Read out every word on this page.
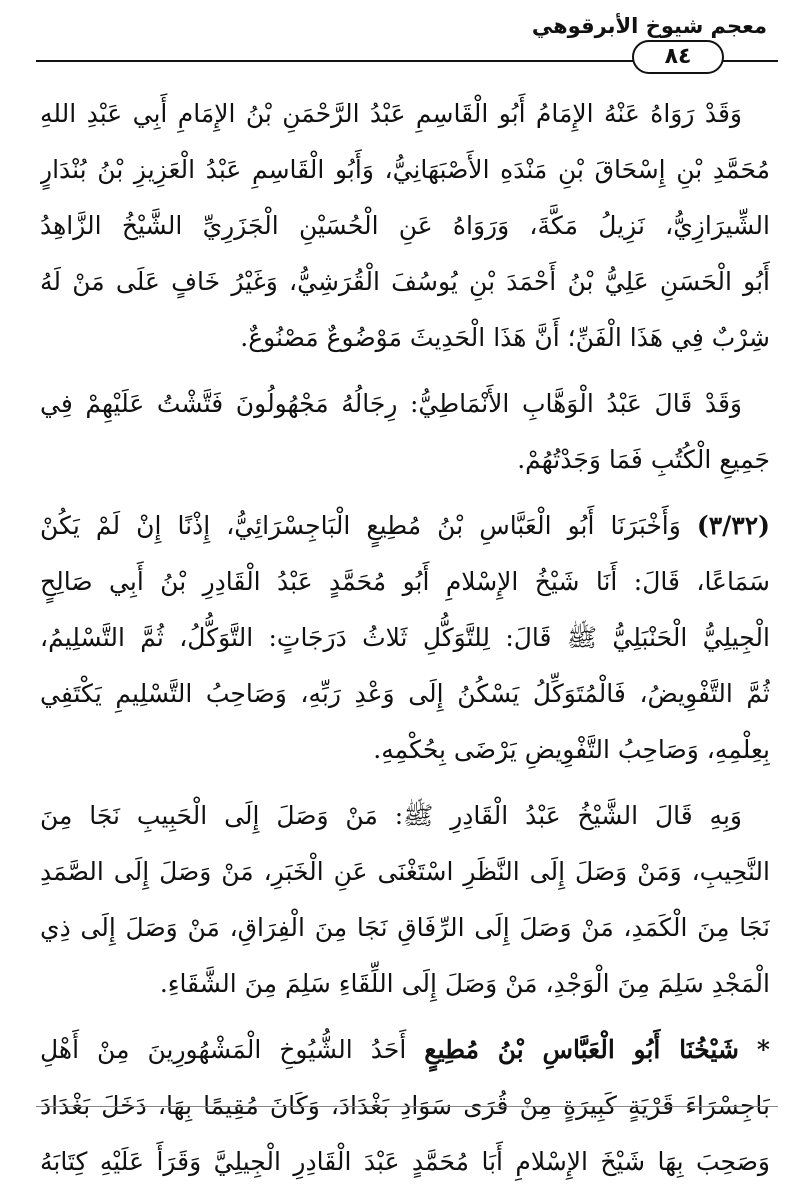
معجم شيوخ الأبرقوهي
٨٤
وَقَدْ رَوَاهُ عَنْهُ الإِمَامُ أَبُو الْقَاسِمِ عَبْدُ الرَّحْمَنِ بْنُ الإِمَامِ أَبِي عَبْدِ اللهِ
مُحَمَّدِ بْنِ إِسْحَاقَ بْنِ مَنْدَهِ الأَصْبَهَانِيُّ، وَأَبُو الْقَاسِمِ عَبْدُ الْعَزِيزِ بْنُ بُنْدَارٍ
الشِّيرَازِيُّ، نَزِيلُ مَكَّةَ، وَرَوَاهُ عَنِ الْحُسَيْنِ الْجَزَرِيِّ الشَّيْخُ الزَّاهِدُ
أَبُو الْحَسَنِ عَلِيُّ بْنُ أَحْمَدَ بْنِ يُوسُفَ الْقُرَشِيُّ، وَغَيْرُ خَافٍ عَلَى مَنْ لَهُ
شِرْبٌ فِي هَذَا الْفَنِّ؛ أَنَّ هَذَا الْحَدِيثَ مَوْضُوعٌ مَصْنُوعٌ.
وَقَدْ قَالَ عَبْدُ الْوَهَّابِ الأَنْمَاطِيُّ: رِجَالُهُ مَجْهُولُونَ فَتَّشْتُ عَلَيْهِمْ فِي
جَمِيعِ الْكُتُبِ فَمَا وَجَدْتُهُمْ.
(٣/٣٢) وَأَخْبَرَنَا أَبُو الْعَبَّاسِ بْنُ مُطِيعٍ الْبَاجِسْرَائِيُّ، إِذْنًا إِنْ لَمْ يَكُنْ
سَمَاعًا، قَالَ: أَنَا شَيْخُ الإِسْلامِ أَبُو مُحَمَّدٍ عَبْدُ الْقَادِرِ بْنُ أَبِي صَالِحٍ
الْجِيلِيُّ الْحَنْبَلِيُّ ﷺ قَالَ: لِلتَّوَكُّلِ ثَلاثُ دَرَجَاتٍ: التَّوَكُّلُ، ثُمَّ التَّسْلِيمُ،
ثُمَّ التَّفْوِيضُ، فَالْمُتَوَكِّلُ يَسْكُنُ إِلَى وَعْدِ رَبِّهِ، وَصَاحِبُ التَّسْلِيمِ يَكْتَفِي
بِعِلْمِهِ، وَصَاحِبُ التَّفْوِيضِ يَرْضَى بِحُكْمِهِ.
وَبِهِ قَالَ الشَّيْخُ عَبْدُ الْقَادِرِ ﷺ: مَنْ وَصَلَ إِلَى الْحَبِيبِ نَجَا مِنَ
النَّحِيبِ، وَمَنْ وَصَلَ إِلَى النَّظَرِ اسْتَغْنَى عَنِ الْخَبَرِ، مَنْ وَصَلَ إِلَى الصَّمَدِ
نَجَا مِنَ الْكَمَدِ، مَنْ وَصَلَ إِلَى الرِّفَاقِ نَجَا مِنَ الْفِرَاقِ، مَنْ وَصَلَ إِلَى ذِي
الْمَجْدِ سَلِمَ مِنَ الْوَجْدِ، مَنْ وَصَلَ إِلَى اللِّقَاءِ سَلِمَ مِنَ الشَّقَاءِ.
* شَيْخُنَا أَبُو الْعَبَّاسِ بْنُ مُطِيعٍ أَحَدُ الشُّيُوخِ الْمَشْهُورِينَ مِنْ أَهْلِ
بَاجِسْرَاءَ قَرْيَةٍ كَبِيرَةٍ مِنْ قُرَى سَوَادِ بَغْدَادَ، وَكَانَ مُقِيمًا بِهَا، دَخَلَ بَغْدَادَ
وَصَحِبَ بِهَا شَيْخَ الإِسْلامِ أَبَا مُحَمَّدٍ عَبْدَ الْقَادِرِ الْجِيلِيَّ وَقَرَأَ عَلَيْهِ كِتَابَهُ
